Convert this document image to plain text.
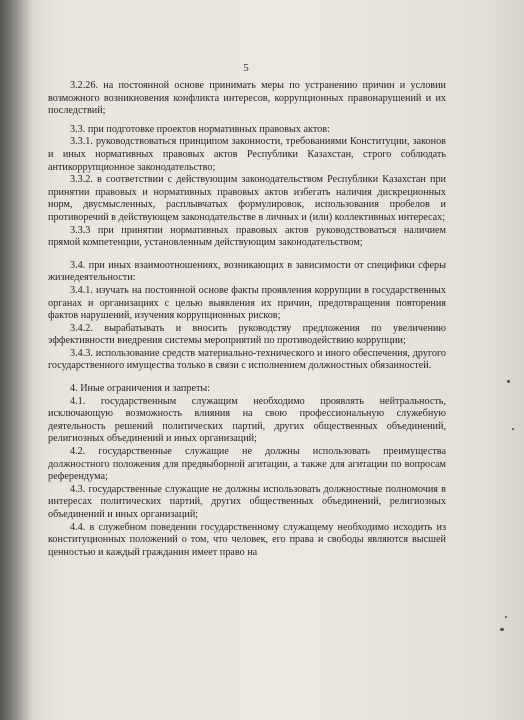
5

3.2.26. на постоянной основе принимать меры по устранению причин и условии возможного возникновения конфликта интересов, коррупционных правонарушений и их последствий;

3.3. при подготовке проектов нормативных правовых актов:

3.3.1. руководствоваться принципом законности, требованиями Конституции, законов и иных нормативных правовых актов Республики Казахстан, строго соблюдать антикоррупционное законодательство;

3.3.2. в соответствии с действующим законодательством Республики Казахстан при принятии правовых и нормативных правовых актов избегать наличия дискреционных норм, двусмысленных, расплывчатых формулировок, использования пробелов и противоречий в действующем законодательстве в личных и (или) коллективных интересах;

3.3.3 при принятии нормативных правовых актов руководствоваться наличием прямой компетенции, установленным действующим законодательством;

3.4. при иных взаимоотношениях, возникающих в зависимости от специфики сферы жизнедеятельности:

3.4.1. изучать на постоянной основе факты проявления коррупции в государственных органах и организациях с целью выявления их причин, предотвращения повторения фактов нарушений, изучения коррупционных рисков;

3.4.2. вырабатывать и вносить руководству предложения по увеличению эффективности внедрения системы мероприятий по противодействию коррупции;

3.4.3. использование средств материально-технического и иного обеспечения, другого государственного имущества только в связи с исполнением должностных обязанностей.

4. Иные ограничения и запреты:

4.1. государственным служащим необходимо проявлять нейтральность, исключающую возможность влияния на свою профессиональную служебную деятельность решений политических партий, других общественных объединений, религиозных объединений и иных организаций;

4.2. государственные служащие не должны использовать преимущества должностного положения для предвыборной агитации, а также для агитации по вопросам референдума;

4.3. государственные служащие не должны использовать должностные полномочия в интересах политических партий, других общественных объединений, религиозных объединений и иных организаций;

4.4. в служебном поведении государственному служащему необходимо исходить из конституционных положений о том, что человек, его права и свободы являются высшей ценностью и каждый гражданин имеет право на
